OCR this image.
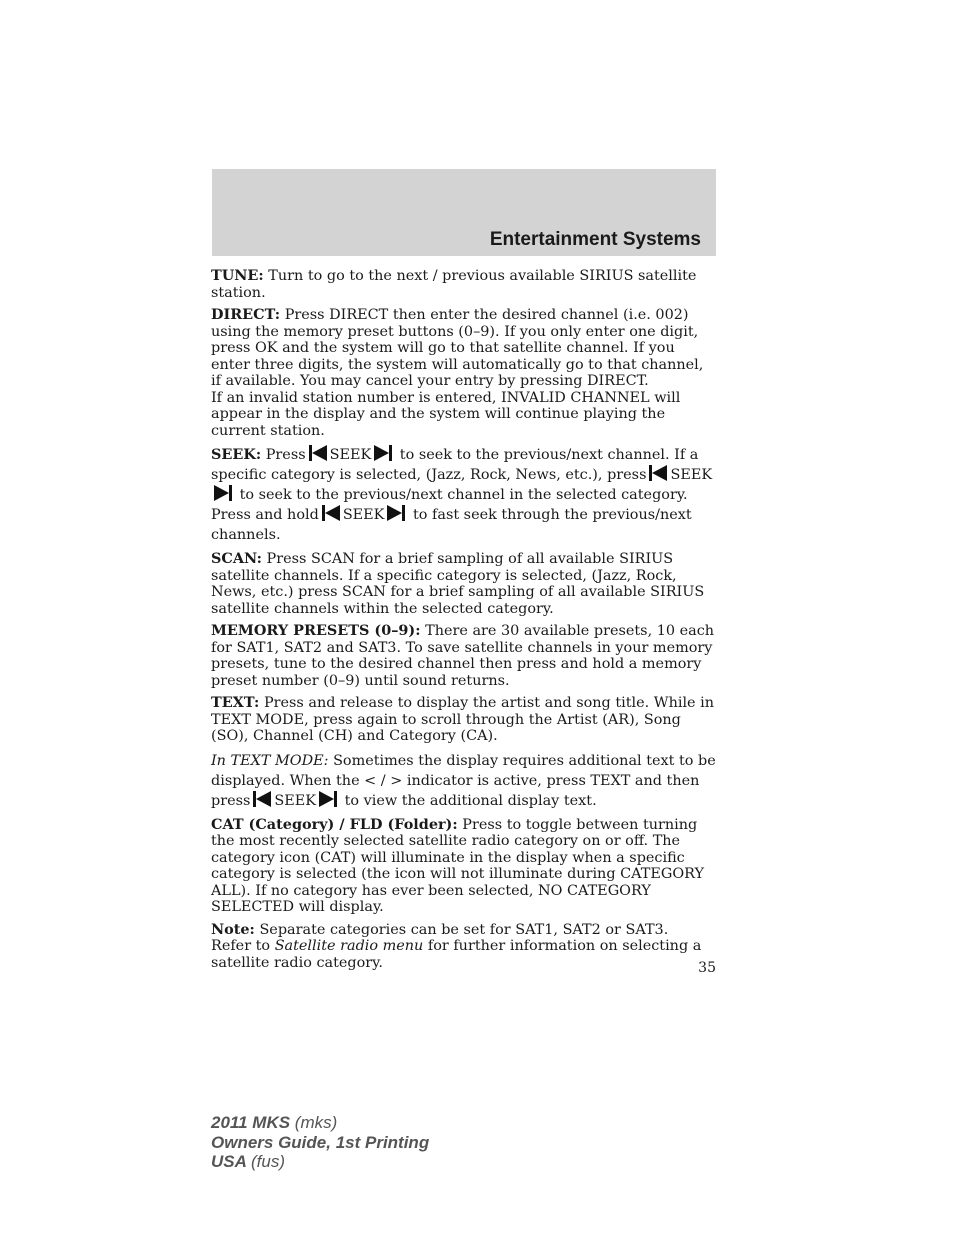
Entertainment Systems

TUNE: Turn to go to the next / previous available SIRIUS satellite station.

DIRECT: Press DIRECT then enter the desired channel (i.e. 002) using the memory preset buttons (0–9). If you only enter one digit, press OK and the system will go to that satellite channel. If you enter three digits, the system will automatically go to that channel, if available. You may cancel your entry by pressing DIRECT.

If an invalid station number is entered, INVALID CHANNEL will appear in the display and the system will continue playing the current station.

SEEK: Press SEEK to seek to the previous/next channel. If a specific category is selected, (Jazz, Rock, News, etc.), press SEEK to seek to the previous/next channel in the selected category. Press and hold SEEK to fast seek through the previous/next channels.

SCAN: Press SCAN for a brief sampling of all available SIRIUS satellite channels. If a specific category is selected, (Jazz, Rock, News, etc.) press SCAN for a brief sampling of all available SIRIUS satellite channels within the selected category.

MEMORY PRESETS (0–9): There are 30 available presets, 10 each for SAT1, SAT2 and SAT3. To save satellite channels in your memory presets, tune to the desired channel then press and hold a memory preset number (0–9) until sound returns.

TEXT: Press and release to display the artist and song title. While in TEXT MODE, press again to scroll through the Artist (AR), Song (SO), Channel (CH) and Category (CA).

In TEXT MODE: Sometimes the display requires additional text to be displayed. When the < / > indicator is active, press TEXT and then press SEEK to view the additional display text.

CAT (Category) / FLD (Folder): Press to toggle between turning the most recently selected satellite radio category on or off. The category icon (CAT) will illuminate in the display when a specific category is selected (the icon will not illuminate during CATEGORY ALL). If no category has ever been selected, NO CATEGORY SELECTED will display.

Note: Separate categories can be set for SAT1, SAT2 or SAT3.

Refer to Satellite radio menu for further information on selecting a satellite radio category.	35
2011 MKS (mks)
Owners Guide, 1st Printing
USA (fus)
